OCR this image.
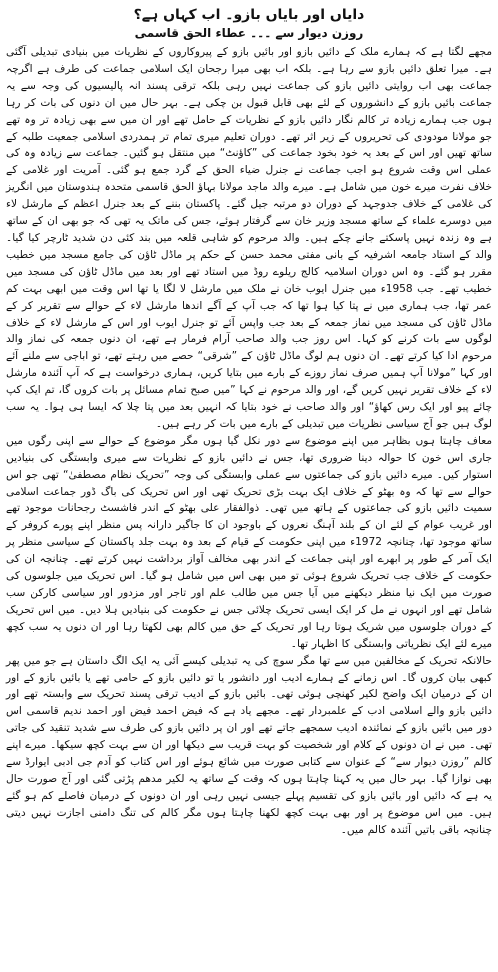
دایاں اور بایاں بازو۔ اب کہاں ہے؟
روزن دیوار سے ۔۔۔ عطاء الحق قاسمی

مجھے لگتا ہے کہ ہمارے ملک کے دائیں بازو اور بائیں بازو کے پیروکاروں کے نظریات میں بنیادی تبدیلی آگئی ہے۔ میرا تعلق دائیں بازو سے رہا ہے۔ بلکہ اب بھی میرا رجحان ایک اسلامی جماعت کی طرف ہے اگرچہ جماعت بھی اب روایتی دائیں بازو کی جماعت نہیں رہی بلکہ ترقی پسند انہ پالیسیوں کی وجہ سے یہ جماعت بائیں بازو کے دانشوروں کے لئے بھی قابل قبول بن چکی ہے۔ بہر حال میں ان دنوں کی بات کر رہا ہوں جب ہمارے زیادہ تر کالم نگار دائیں بازو کے نظریات کے حامل تھے اور ان میں سے بھی زیادہ تر وہ تھے جو مولانا مودودی کی تحریروں کے زیر اثر تھے۔ دوران تعلیم میری تمام تر ہمدردی اسلامی جمعیت طلبہ کے ساتھ تھیں اور اس کے بعد یہ خود بخود جماعت کی ”کاؤنٹ“ میں منتقل ہو گئیں۔ جماعت سے زیادہ وہ کی عملی اس وقت شروع ہو اجب جماعت نے جنرل ضیاء الحق کے گرد جمع ہو گئی۔ آمریت اور غلامی کے خلاف نفرت میرے خون میں شامل ہے۔ میرے والد ماجد مولانا بہاؤ الحق قاسمی متحدہ ہندوستان میں انگریز کی غلامی کے خلاف جدوجہد کے دوران دو مرتبہ جیل گئے۔ پاکستان بننے کے بعد جنرل اعظم کے مارشل لاء میں دوسرے علماء کے ساتھ مسجد وزیر خان سے گرفتار ہوئے، جس کی ماتک یہ تھی کہ جو بھی ان کے ساتھ ہے وہ زندہ نہیں پاسکتے جانے چکے ہیں۔ والد مرحوم کو شاہی قلعہ میں بند کئی دن شدید ٹارچر کیا گیا۔ والد کے استاد جامعہ اشرفیہ کے بانی مفتی محمد حسن کے حکم پر ماڈل ٹاؤن کی جامع مسجد میں خطیب مقرر ہو گئے۔ وہ اس دوران اسلامیہ کالج ریلوے روڈ میں استاد تھے اور بعد میں ماڈل ٹاؤن کی مسجد میں خطیب تھے۔ جب 1958ء میں جنرل ایوب خان نے ملک میں مارشل لا لگا یا تھا اس وقت میں ابھی بہت کم عمر تھا، جب ہماری میں نے پتا کیا ہوا تھا کہ جب آپ کے آگے اندھا مارشل لاء کے حوالے سے تقریر کر کے ماڈل ٹاؤن کی مسجد میں نماز جمعہ کے بعد جب واپس آئے تو جنرل ایوب اور اس کے مارشل لاء کے خلاف لوگوں سے بات کرنے کو کہا۔ اس روز جب والد صاحب آرام فرمار ہے تھے، ان دنوں جمعہ کی نماز والد مرحوم ادا کیا کرتے تھے۔ ان دنوں ہم لوگ ماڈل ٹاؤن کے ”شرقی“ حصے میں رہتے تھے، تو اباجی سے ملنے آئے اور کہا ”مولانا آپ ہمیں صرف نماز روزے کے بارے میں بتایا کریں، ہماری درخواست ہے کہ آپ آئندہ مارشل لاء کے خلاف تقریر نہیں کریں گے، اور والد مرحوم نے کہا ”میں صبح تمام مسائل پر بات کروں گا، تم ایک کپ چائے پیو اور ایک رس کھاؤ“ اور والد صاحب نے خود بتایا کہ انہیں بعد میں پتا چلا کہ ایسا ہی ہوا۔ یہ سب لوگ ہیں جو آج سیاسی نظریات میں تبدیلی کے بارے میں بات کر رہے ہیں۔

معاف چاہتا ہوں بظاہر میں اپنے موضوع سے دور نکل گیا ہوں مگر موضوع کے حوالے سے اپنی رگوں میں جاری اس خون کا حوالہ دینا ضروری تھا، جس نے دائیں بازو کے نظریات سے میری وابستگی کی بنیادیں استوار کیں۔ میرے دائیں بازو کی جماعتوں سے عملی وابستگی کی وجہ ”تحریک نظام مصطفیٰ“ تھی جو اس حوالے سے تھا کہ وہ بھٹو کے خلاف ایک بہت بڑی تحریک تھی اور اس تحریک کی باگ ڈور جماعت اسلامی سمیت دائیں بازو کی جماعتوں کے ہاتھ میں تھی۔ ذوالفقار علی بھٹو کے اندر فاشسٹ رجحانات موجود تھے اور غریب عوام کے لئے ان کے بلند آہنگ نعروں کے باوجود ان کا جاگیر دارانہ پس منظر اپنے پورے کروفر کے ساتھ موجود تھا، چنانچہ 1972ء میں اپنی حکومت کے قیام کے بعد وہ بہت جلد پاکستان کے سیاسی منظر پر ایک آمر کے طور پر ابھرے اور اپنی جماعت کے اندر بھی مخالف آواز برداشت نہیں کرتے تھے۔ چنانچہ ان کی حکومت کے خلاف جب تحریک شروع ہوئی تو میں بھی اس میں شامل ہو گیا۔ اس تحریک میں جلوسوں کی صورت میں ایک نیا منظر دیکھنے میں آیا جس میں طالب علم اور تاجر اور مزدور اور سیاسی کارکن سب شامل تھے اور انہوں نے مل کر ایک ایسی تحریک چلائی جس نے حکومت کی بنیادیں ہلا دیں۔ میں اس تحریک کے دوران جلوسوں میں شریک ہوتا رہا اور تحریک کے حق میں کالم بھی لکھتا رہا اور ان دنوں یہ سب کچھ میرے لئے ایک نظریاتی وابستگی کا اظہار تھا۔

حالانکہ تحریک کے مخالفین میں سے تھا مگر سوچ کی یہ تبدیلی کیسے آئی یہ ایک الگ داستان ہے جو میں پھر کبھی بیان کروں گا۔ اس زمانے کے ہمارے ادیب اور دانشور یا تو دائیں بازو کے حامی تھے یا بائیں بازو کے اور ان کے درمیان ایک واضح لکیر کھنچی ہوئی تھی۔ بائیں بازو کے ادیب ترقی پسند تحریک سے وابستہ تھے اور دائیں بازو والے اسلامی ادب کے علمبردار تھے۔ مجھے یاد ہے کہ فیض احمد فیض اور احمد ندیم قاسمی اس دور میں بائیں بازو کے نمائندہ ادیب سمجھے جاتے تھے اور ان پر دائیں بازو کی طرف سے شدید تنقید کی جاتی تھی۔ میں نے ان دونوں کے کلام اور شخصیت کو بہت قریب سے دیکھا اور ان سے بہت کچھ سیکھا۔ میرے اپنے کالم ”روزن دیوار سے“ کے عنوان سے کتابی صورت میں شائع ہوئے اور اس کتاب کو آدم جی ادبی ایوارڈ سے بھی نوازا گیا۔ بہر حال میں یہ کہنا چاہتا ہوں کہ وقت کے ساتھ یہ لکیر مدھم پڑتی گئی اور آج صورت حال یہ ہے کہ دائیں اور بائیں بازو کی تقسیم پہلے جیسی نہیں رہی اور ان دونوں کے درمیان فاصلے کم ہو گئے ہیں۔ میں اس موضوع پر اور بھی بہت کچھ لکھنا چاہتا ہوں مگر کالم کی تنگ دامنی اجازت نہیں دیتی چنانچہ باقی باتیں آئندہ کالم میں۔
